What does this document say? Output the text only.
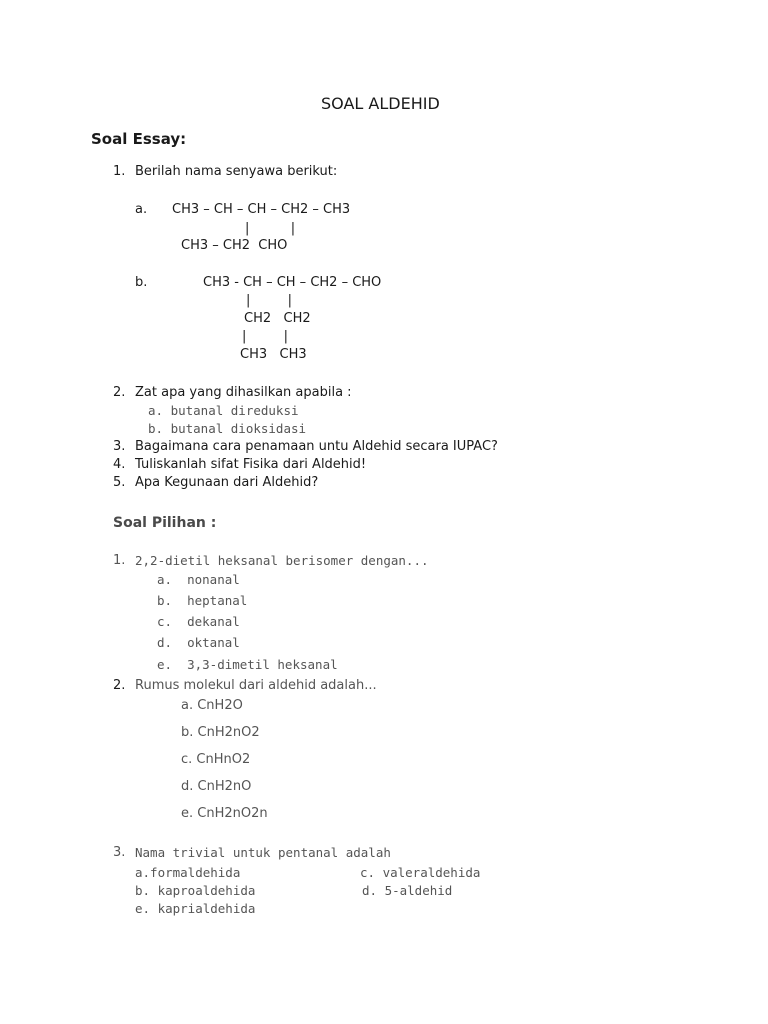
SOAL ALDEHID
Soal Essay:
1. Berilah nama senyawa berikut:
a. CH3 – CH – CH – CH2 – CH3
|          |
CH3 – CH2  CHO
b.	CH3 - CH – CH – CH2 – CHO
|         |
CH2   CH2
|         |
CH3   CH3
2. Zat apa yang dihasilkan apabila :
a. butanal direduksi
b. butanal dioksidasi
3. Bagaimana cara penamaan untu Aldehid secara IUPAC?
4. Tuliskanlah sifat Fisika dari Aldehid!
5. Apa Kegunaan dari Aldehid?
Soal Pilihan :
1. 2,2-dietil heksanal berisomer dengan...
a.  nonanal
b.  heptanal
c.  dekanal
d.  oktanal
e.  3,3-dimetil heksanal
2. Rumus molekul dari aldehid adalah...
a. CnH2O
b. CnH2nO2
c. CnHnO2
d. CnH2nO
e. CnH2nO2n
3. Nama trivial untuk pentanal adalah
a.formaldehida	c. valeraldehida
b. kaproaldehida	d. 5-aldehid
e. kaprialdehida
